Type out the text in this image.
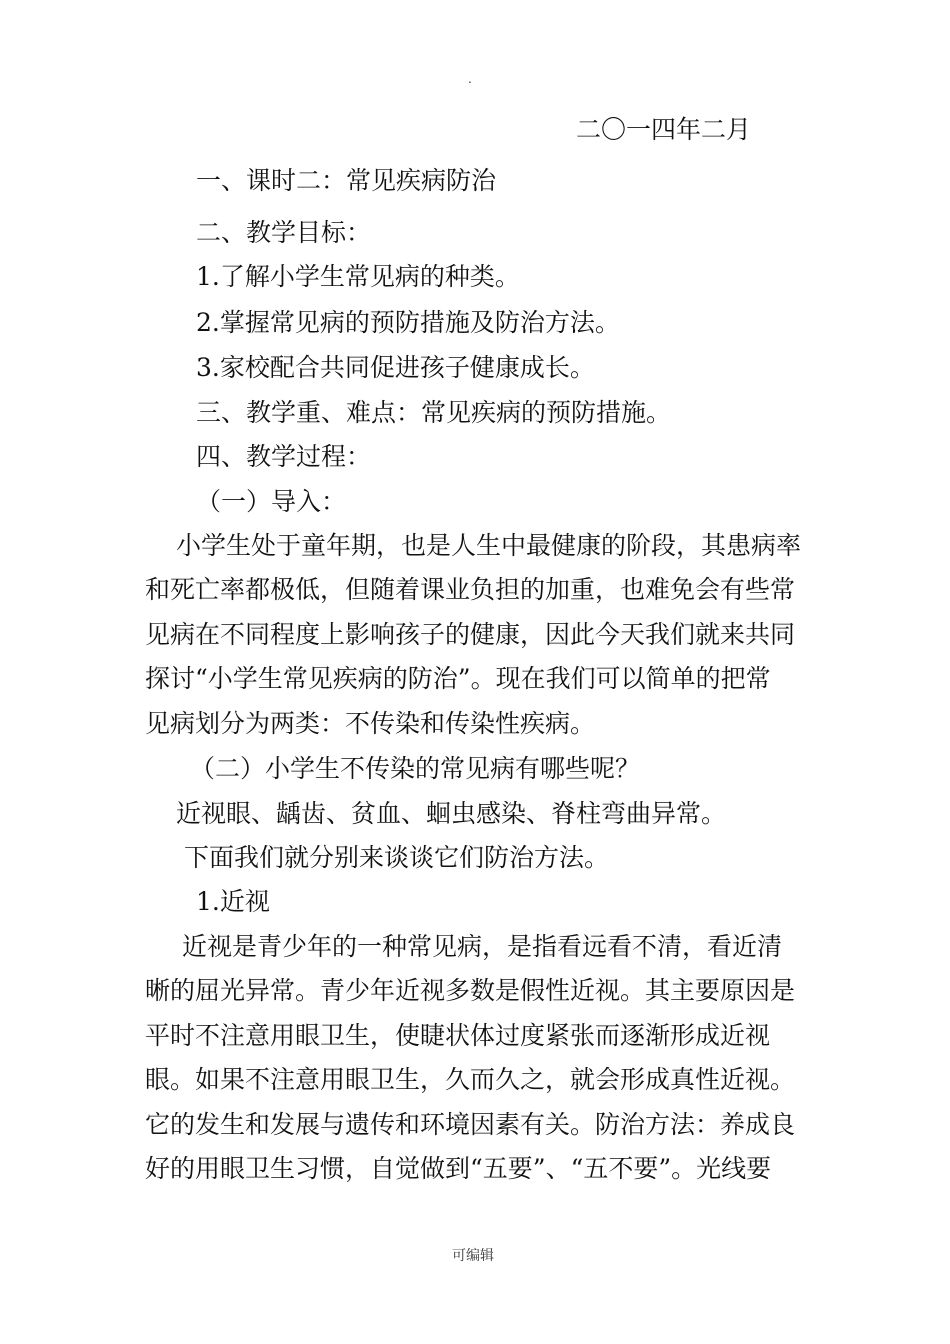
.
二〇一四年二月
一、课时二：常见疾病防治
二、教学目标：
1.了解小学生常见病的种类。
2.掌握常见病的预防措施及防治方法。
3.家校配合共同促进孩子健康成长。
三、教学重、难点：常见疾病的预防措施。
四、教学过程：
（一）导入：
小学生处于童年期，也是人生中最健康的阶段，其患病率
和死亡率都极低，但随着课业负担的加重，也难免会有些常
见病在不同程度上影响孩子的健康，因此今天我们就来共同
探讨“小学生常见疾病的防治”。现在我们可以简单的把常
见病划分为两类：不传染和传染性疾病。
（二）小学生不传染的常见病有哪些呢？
近视眼、龋齿、贫血、蛔虫感染、脊柱弯曲异常。
下面我们就分别来谈谈它们防治方法。
1.近视
近视是青少年的一种常见病，是指看远看不清，看近清
晰的屈光异常。青少年近视多数是假性近视。其主要原因是
平时不注意用眼卫生，使睫状体过度紧张而逐渐形成近视
眼。如果不注意用眼卫生，久而久之，就会形成真性近视。
它的发生和发展与遗传和环境因素有关。防治方法：养成良
好的用眼卫生习惯，自觉做到“五要”、“五不要”。光线要
可编辑
